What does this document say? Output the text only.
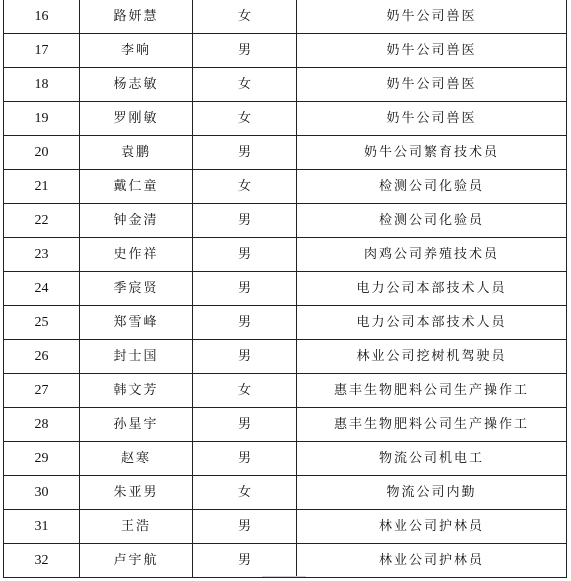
16	路妍慧	女	奶牛公司兽医
17	李响	男	奶牛公司兽医
18	杨志敏	女	奶牛公司兽医
19	罗刚敏	女	奶牛公司兽医
20	袁鹏	男	奶牛公司繁育技术员
21	戴仁童	女	检测公司化验员
22	钟金清	男	检测公司化验员
23	史作祥	男	肉鸡公司养殖技术员
24	季宸贤	男	电力公司本部技术人员
25	郑雪峰	男	电力公司本部技术人员
26	封士国	男	林业公司挖树机驾驶员
27	韩文芳	女	惠丰生物肥料公司生产操作工
28	孙星宇	男	惠丰生物肥料公司生产操作工
29	赵寒	男	物流公司机电工
30	朱亚男	女	物流公司内勤
31	王浩	男	林业公司护林员
32	卢宇航	男	林业公司护林员
